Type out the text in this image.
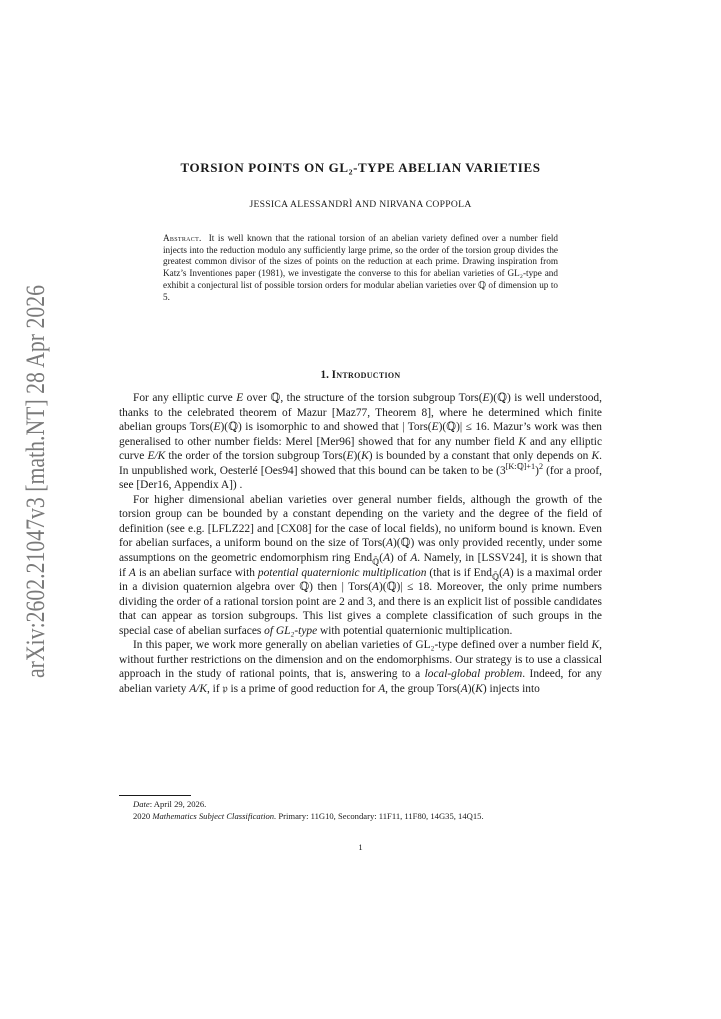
arXiv:2602.21047v3 [math.NT] 28 Apr 2026
TORSION POINTS ON GL₂-TYPE ABELIAN VARIETIES

JESSICA ALESSANDRÌ AND NIRVANA COPPOLA

Abstract. It is well known that the rational torsion of an abelian variety defined over a number field injects into the reduction modulo any sufficiently large prime, so the order of the torsion group divides the greatest common divisor of the sizes of points on the reduction at each prime. Drawing inspiration from Katz’s Inventiones paper (1981), we investigate the converse to this for abelian varieties of GL₂-type and exhibit a conjectural list of possible torsion orders for modular abelian varieties over ℚ of dimension up to 5.

1. Introduction

For any elliptic curve E over ℚ, the structure of the torsion subgroup Tors(E)(ℚ) is well understood, thanks to the celebrated theorem of Mazur [Maz77, Theorem 8], where he determined which finite abelian groups Tors(E)(ℚ) is isomorphic to and showed that | Tors(E)(ℚ)| ≤ 16. Mazur’s work was then generalised to other number fields: Merel [Mer96] showed that for any number field K and any elliptic curve E/K the order of the torsion subgroup Tors(E)(K) is bounded by a constant that only depends on K. In unpublished work, Oesterlé [Oes94] showed that this bound can be taken to be $(3^{[K:ℚ]+1})^2$ (for a proof, see [Der16, Appendix A]) .

For higher dimensional abelian varieties over general number fields, although the growth of the torsion group can be bounded by a constant depending on the variety and the degree of the field of definition (see e.g. [LFLZ22] and [CX08] for the case of local fields), no uniform bound is known. Even for abelian surfaces, a uniform bound on the size of Tors(A)(ℚ) was only provided recently, under some assumptions on the geometric endomorphism ring End$_{ℚ̄}$(A) of A. Namely, in [LSSV24], it is shown that if A is an abelian surface with potential quaternionic multiplication (that is if End$_{ℚ̄}$(A) is a maximal order in a division quaternion algebra over ℚ) then | Tors(A)(ℚ)| ≤ 18. Moreover, the only prime numbers dividing the order of a rational torsion point are 2 and 3, and there is an explicit list of possible candidates that can appear as torsion subgroups. This list gives a complete classification of such groups in the special case of abelian surfaces of GL₂-type with potential quaternionic multiplication.

In this paper, we work more generally on abelian varieties of GL₂-type defined over a number field K, without further restrictions on the dimension and on the endomorphisms. Our strategy is to use a classical approach in the study of rational points, that is, answering to a local-global problem. Indeed, for any abelian variety A/K, if 𝔭 is a prime of good reduction for A, the group Tors(A)(K) injects into

Date: April 29, 2026.

2020 Mathematics Subject Classification. Primary: 11G10, Secondary: 11F11, 11F80, 14G35, 14Q15.

1
